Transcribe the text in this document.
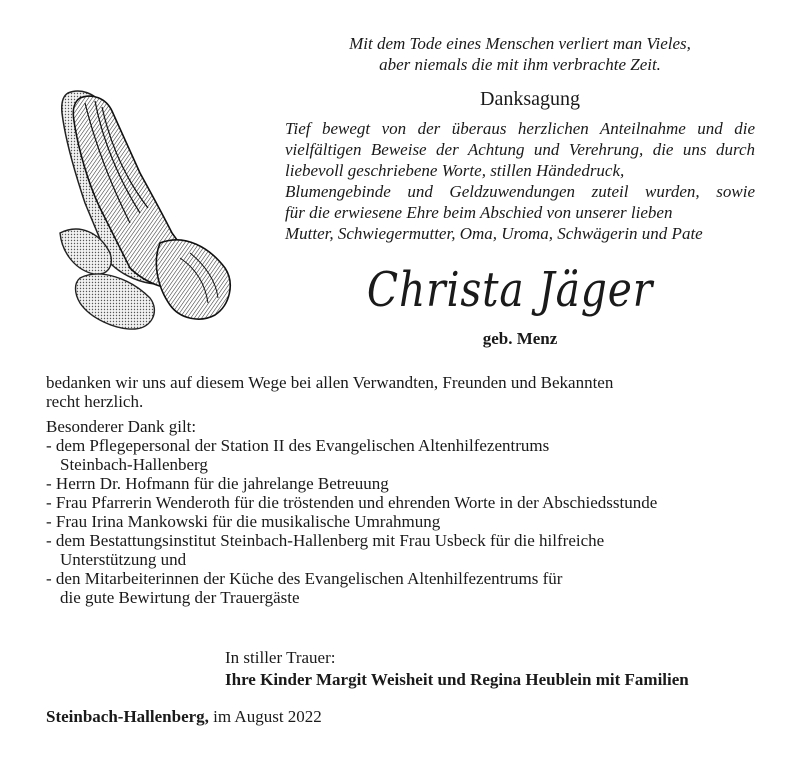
Mit dem Tode eines Menschen verliert man Vieles,
aber niemals die mit ihm verbrachte Zeit.
Danksagung
Tief bewegt von der überaus herzlichen Anteilnahme und die
vielfältigen Beweise der Achtung und Verehrung, die uns durch
liebevoll geschriebene Worte, stillen Händedruck,
Blumengebinde und Geldzuwendungen zuteil wurden, sowie
für die erwiesene Ehre beim Abschied von unserer lieben
Mutter, Schwiegermutter, Oma, Uroma, Schwägerin und Pate
Christa Jäger
geb. Menz
bedanken wir uns auf diesem Wege bei allen Verwandten, Freunden und Bekannten
recht herzlich.
Besonderer Dank gilt:
- dem Pflegepersonal der Station II des Evangelischen Altenhilfezentrums
Steinbach-Hallenberg
- Herrn Dr. Hofmann für die jahrelange Betreuung
- Frau Pfarrerin Wenderoth für die tröstenden und ehrenden Worte in der Abschiedsstunde
- Frau Irina Mankowski für die musikalische Umrahmung
- dem Bestattungsinstitut Steinbach-Hallenberg mit Frau Usbeck für die hilfreiche
Unterstützung und
- den Mitarbeiterinnen der Küche des Evangelischen Altenhilfezentrums für
die gute Bewirtung der Trauergäste
In stiller Trauer:
Ihre Kinder Margit Weisheit und Regina Heublein mit Familien
Steinbach-Hallenberg, im August 2022
